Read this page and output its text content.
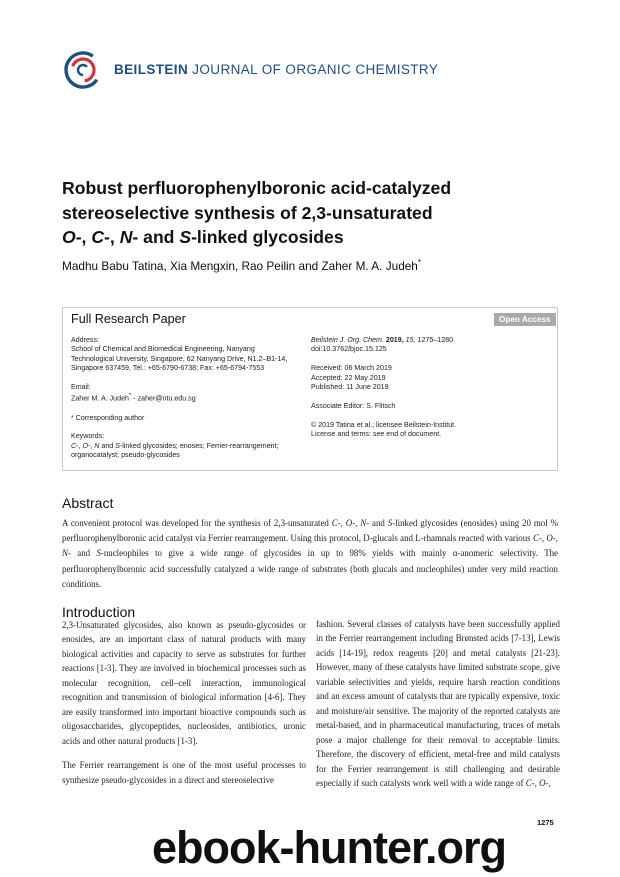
BEILSTEIN JOURNAL OF ORGANIC CHEMISTRY
Robust perfluorophenylboronic acid-catalyzed
stereoselective synthesis of 2,3-unsaturated
O-, C-, N- and S-linked glycosides
Madhu Babu Tatina, Xia Mengxin, Rao Peilin and Zaher M. A. Judeh*
Full Research Paper	Open Access
Address:
School of Chemical and Biomedical Engineering, Nanyang
Technological University, Singapore, 62 Nanyang Drive, N1.2–B1-14,
Singapore 637459, Tel.: +65-6790-6738; Fax: +65-6794-7553
Email:
Zaher M. A. Judeh* - zaher@ntu.edu.sg
* Corresponding author
Keywords:
C-, O-, N and S-linked glycosides; enoses; Ferrier-rearrangement;
organocatalyst; pseudo-glycosides
Beilstein J. Org. Chem. 2019, 15, 1275–1280.
doi:10.3762/bjoc.15.125
Received: 06 March 2019
Accepted: 22 May 2019
Published: 11 June 2019
Associate Editor: S. Flitsch
© 2019 Tatina et al.; licensee Beilstein-Institut.
License and terms: see end of document.
Abstract
A convenient protocol was developed for the synthesis of 2,3-unsaturated C-, O-, N- and S-linked glycosides (enosides) using 20 mol % perfluorophenylboronic acid catalyst via Ferrier rearrangement. Using this protocol, D-glucals and L-rhamnals reacted with various C-, O-, N- and S-nucleophiles to give a wide range of glycosides in up to 98% yields with mainly α-anomeric selectivity. The perfluorophenylboronic acid successfully catalyzed a wide range of substrates (both glucals and nucleophiles) under very mild reaction conditions.
Introduction
2,3-Unsaturated glycosides, also known as pseudo-glycosides or enosides, are an important class of natural products with many biological activities and capacity to serve as substrates for further reactions [1-3]. They are involved in biochemical processes such as molecular recognition, cell–cell interaction, immunological recognition and transmission of biological information [4-6]. They are easily transformed into important bioactive compounds such as oligosaccharides, glycopeptides, nucleosides, antibiotics, uronic acids and other natural products [1-3].
The Ferrier rearrangement is one of the most useful processes to synthesize pseudo-glycosides in a direct and stereoselective
fashion. Several classes of catalysts have been successfully applied in the Ferrier rearrangement including Brønsted acids [7-13], Lewis acids [14-19], redox reagents [20] and metal catalysts [21-23]. However, many of these catalysts have limited substrate scope, give variable selectivities and yields, require harsh reaction conditions and an excess amount of catalysts that are typically expensive, toxic and moisture/air sensitive. The majority of the reported catalysts are metal-based, and in pharmaceutical manufacturing, traces of metals pose a major challenge for their removal to acceptable limits. Therefore, the discovery of efficient, metal-free and mild catalysts for the Ferrier rearrangement is still challenging and desirable especially if such catalysts work well with a wide range of C-, O-,
1275
ebook-hunter.org
